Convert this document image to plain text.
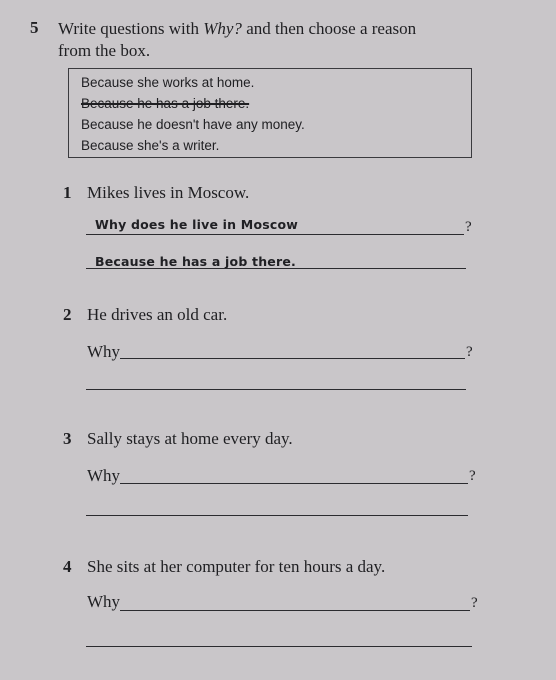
5 Write questions with Why? and then choose a reason
from the box.
Because she works at home.
Because he has a job there.
Because he doesn't have any money.
Because she's a writer.
1 Mikes lives in Moscow.
Why does he live in Moscow	?
Because he has a job there.
2 He drives an old car.
Why	?
3 Sally stays at home every day.
Why	?
4 She sits at her computer for ten hours a day.
Why	?
